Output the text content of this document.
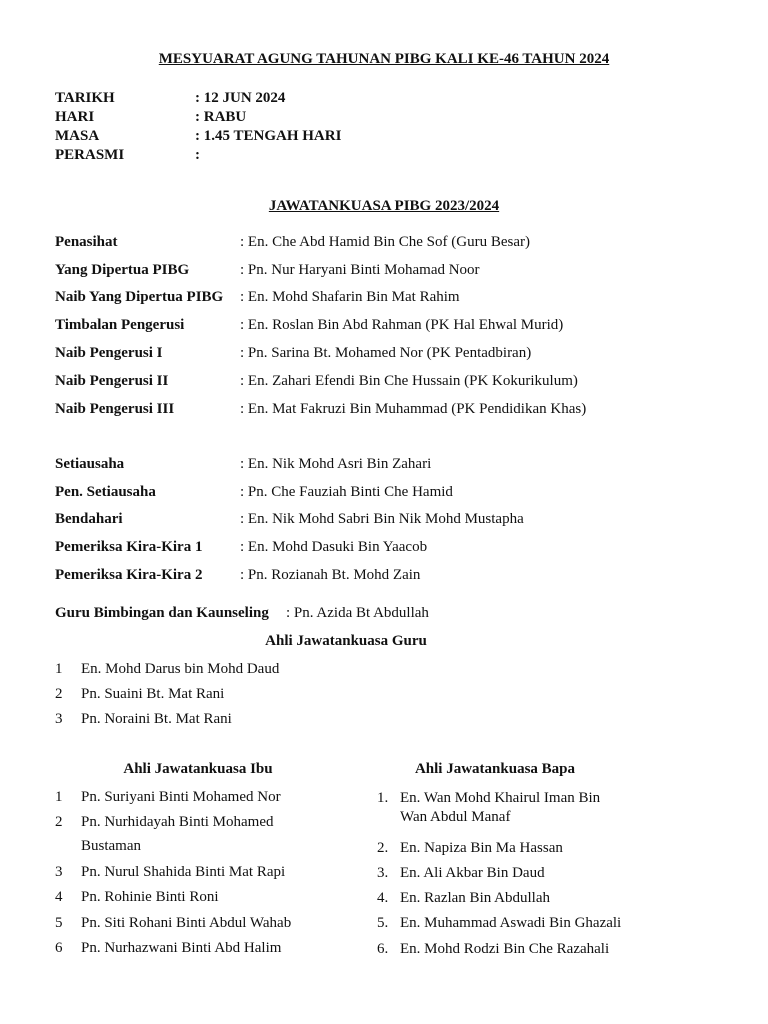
MESYUARAT AGUNG TAHUNAN PIBG KALI KE-46 TAHUN 2024
TARIKH	: 12 JUN 2024
HARI	: RABU
MASA	: 1.45 TENGAH HARI
PERASMI	:
JAWATANKUASA PIBG 2023/2024
Penasihat	: En. Che Abd Hamid Bin Che Sof (Guru Besar)
Yang Dipertua PIBG	: Pn. Nur Haryani Binti Mohamad Noor
Naib Yang Dipertua PIBG : En. Mohd Shafarin Bin Mat Rahim
Timbalan Pengerusi	: En. Roslan Bin Abd Rahman (PK Hal Ehwal Murid)
Naib Pengerusi I	: Pn. Sarina Bt. Mohamed Nor (PK Pentadbiran)
Naib Pengerusi II	: En. Zahari Efendi Bin Che Hussain (PK Kokurikulum)
Naib Pengerusi III	: En. Mat Fakruzi Bin Muhammad (PK Pendidikan Khas)
Setiausaha	: En. Nik Mohd Asri Bin Zahari
Pen. Setiausaha	: Pn. Che Fauziah Binti Che Hamid
Bendahari	: En. Nik Mohd Sabri Bin Nik Mohd Mustapha
Pemeriksa Kira-Kira 1	: En. Mohd Dasuki Bin Yaacob
Pemeriksa Kira-Kira 2	: Pn. Rozianah Bt. Mohd Zain
Guru Bimbingan dan Kaunseling : Pn. Azida Bt Abdullah
Ahli Jawatankuasa Guru
1 En. Mohd Darus bin Mohd Daud
2 Pn. Suaini Bt. Mat Rani
3 Pn. Noraini Bt. Mat Rani
Ahli Jawatankuasa Ibu
1 Pn. Suriyani Binti Mohamed Nor
2 Pn. Nurhidayah Binti Mohamed
Bustaman
3 Pn. Nurul Shahida Binti Mat Rapi
4 Pn. Rohinie Binti Roni
5 Pn. Siti Rohani Binti Abdul Wahab
6 Pn. Nurhazwani Binti Abd Halim
Ahli Jawatankuasa Bapa
1. En. Wan Mohd Khairul Iman Bin
Wan Abdul Manaf
2. En. Napiza Bin Ma Hassan
3. En. Ali Akbar Bin Daud
4. En. Razlan Bin Abdullah
5. En. Muhammad Aswadi Bin Ghazali
6. En. Mohd Rodzi Bin Che Razahali
